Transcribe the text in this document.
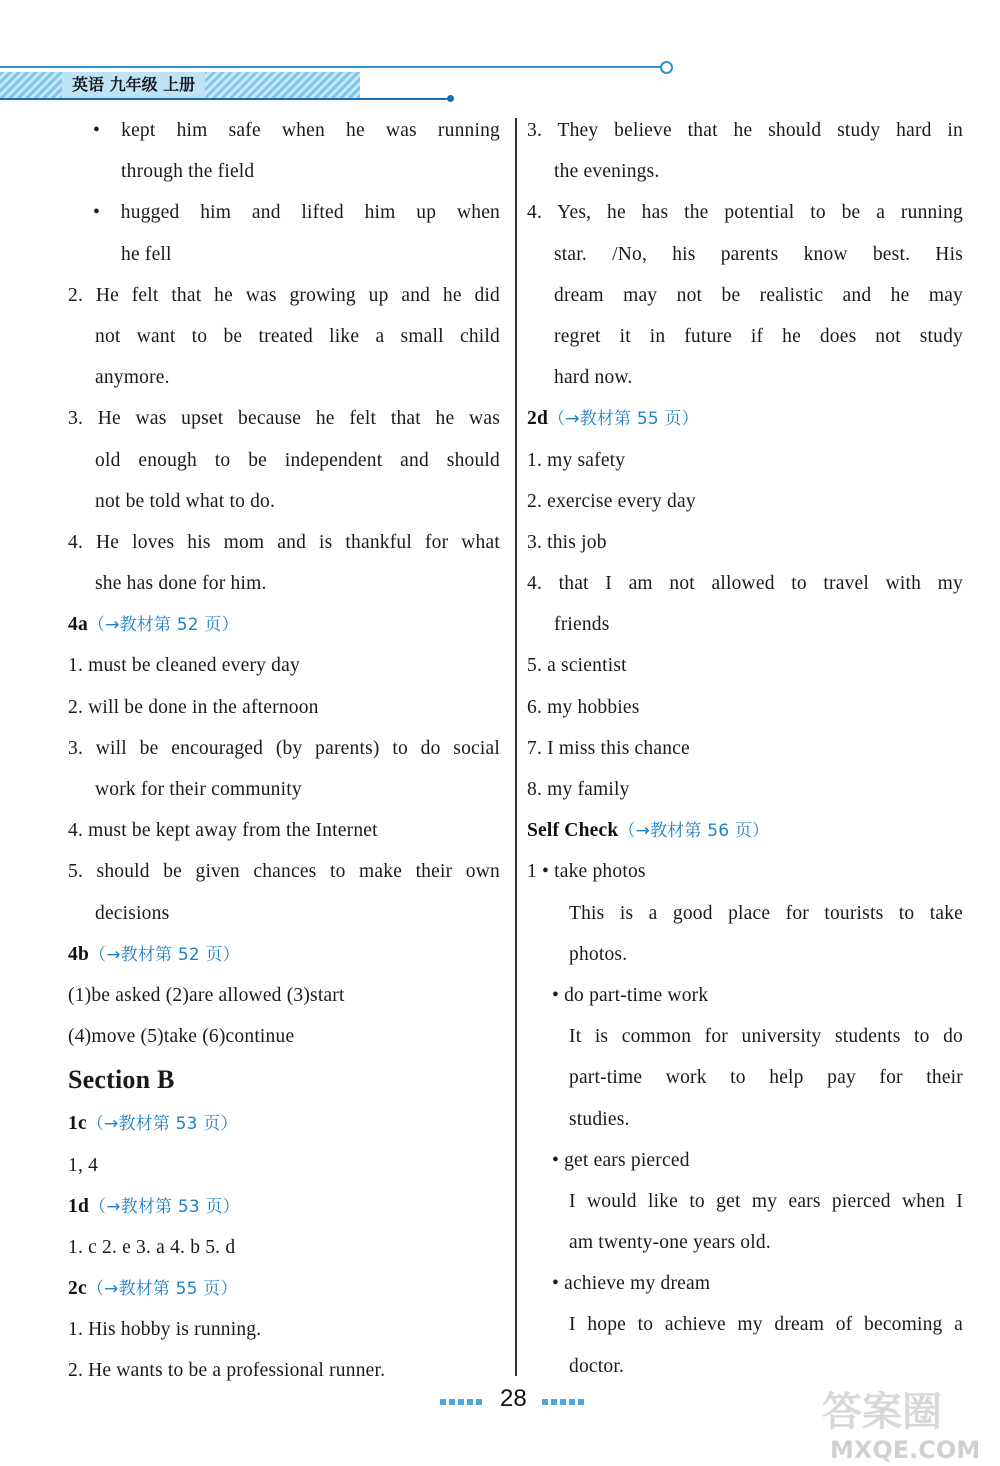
英语 九年级 上册
• kept him safe when he was running
through the field
• hugged him and lifted him up when
he fell
2. He felt that he was growing up and he did
not want to be treated like a small child
anymore.
3. He was upset because he felt that he was
old enough to be independent and should
not be told what to do.
4. He loves his mom and is thankful for what
she has done for him.
4a（→教材第 52 页）
1. must be cleaned every day
2. will be done in the afternoon
3. will be encouraged (by parents) to do social
work for their community
4. must be kept away from the Internet
5. should be given chances to make their own
decisions
4b（→教材第 52 页）
(1)be asked (2)are allowed (3)start
(4)move (5)take (6)continue
Section B
1c（→教材第 53 页）
1, 4
1d（→教材第 53 页）
1. c 2. e 3. a 4. b 5. d
2c（→教材第 55 页）
1. His hobby is running.
2. He wants to be a professional runner.
3. They believe that he should study hard in
the evenings.
4. Yes, he has the potential to be a running
star. /No, his parents know best. His
dream may not be realistic and he may
regret it in future if he does not study
hard now.
2d（→教材第 55 页）
1. my safety
2. exercise every day
3. this job
4. that I am not allowed to travel with my
friends
5. a scientist
6. my hobbies
7. I miss this chance
8. my family
Self Check（→教材第 56 页）
1 • take photos
This is a good place for tourists to take
photos.
• do part-time work
It is common for university students to do
part-time work to help pay for their
studies.
• get ears pierced
I would like to get my ears pierced when I
am twenty-one years old.
• achieve my dream
I hope to achieve my dream of becoming a
doctor.
28	答案圈
MXQE.COM
